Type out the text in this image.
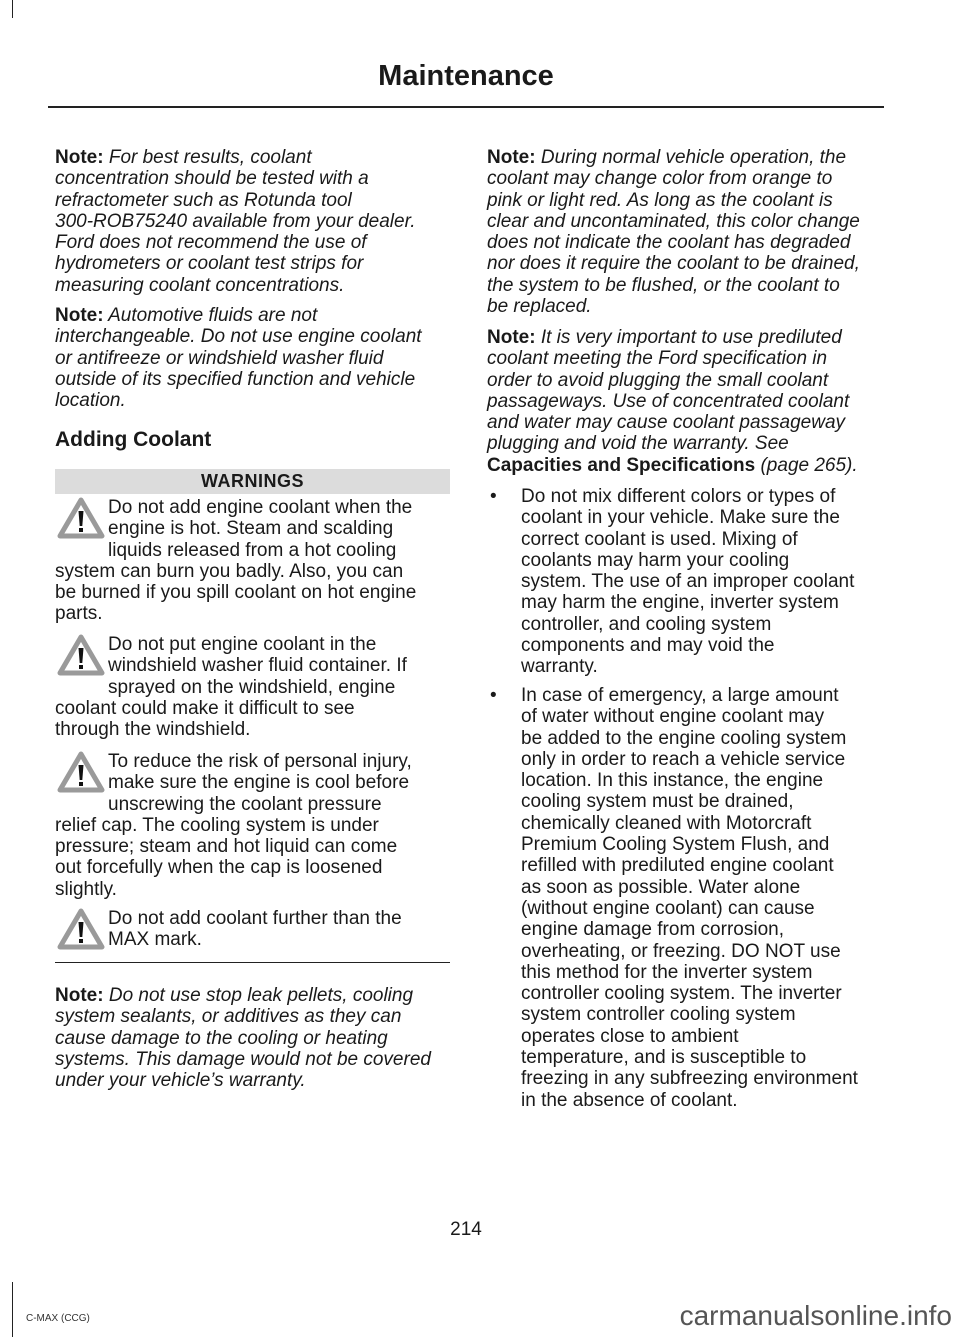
Maintenance
Note: For best results, coolant
concentration should be tested with a
refractometer such as Rotunda tool
300-ROB75240 available from your dealer.
Ford does not recommend the use of
hydrometers or coolant test strips for
measuring coolant concentrations.
Note: Automotive fluids are not
interchangeable. Do not use engine coolant
or antifreeze or windshield washer fluid
outside of its specified function and vehicle
location.
Adding Coolant
WARNINGS
Do not add engine coolant when the
engine is hot. Steam and scalding
liquids released from a hot cooling
system can burn you badly. Also, you can
be burned if you spill coolant on hot engine
parts.
Do not put engine coolant in the
windshield washer fluid container. If
sprayed on the windshield, engine
coolant could make it difficult to see
through the windshield.
To reduce the risk of personal injury,
make sure the engine is cool before
unscrewing the coolant pressure
relief cap. The cooling system is under
pressure; steam and hot liquid can come
out forcefully when the cap is loosened
slightly.
Do not add coolant further than the
MAX mark.
Note: Do not use stop leak pellets, cooling
system sealants, or additives as they can
cause damage to the cooling or heating
systems. This damage would not be covered
under your vehicle’s warranty.
Note: During normal vehicle operation, the
coolant may change color from orange to
pink or light red. As long as the coolant is
clear and uncontaminated, this color change
does not indicate the coolant has degraded
nor does it require the coolant to be drained,
the system to be flushed, or the coolant to
be replaced.
Note: It is very important to use prediluted
coolant meeting the Ford specification in
order to avoid plugging the small coolant
passageways. Use of concentrated coolant
and water may cause coolant passageway
plugging and void the warranty. See
Capacities and Specifications (page 265).
•	Do not mix different colors or types of
coolant in your vehicle. Make sure the
correct coolant is used. Mixing of
coolants may harm your cooling
system. The use of an improper coolant
may harm the engine, inverter system
controller, and cooling system
components and may void the
warranty.
•	In case of emergency, a large amount
of water without engine coolant may
be added to the engine cooling system
only in order to reach a vehicle service
location. In this instance, the engine
cooling system must be drained,
chemically cleaned with Motorcraft
Premium Cooling System Flush, and
refilled with prediluted engine coolant
as soon as possible. Water alone
(without engine coolant) can cause
engine damage from corrosion,
overheating, or freezing. DO NOT use
this method for the inverter system
controller cooling system. The inverter
system controller cooling system
operates close to ambient
temperature, and is susceptible to
freezing in any subfreezing environment
in the absence of coolant.
214
C-MAX (CCG)	carmanualsonline.info
